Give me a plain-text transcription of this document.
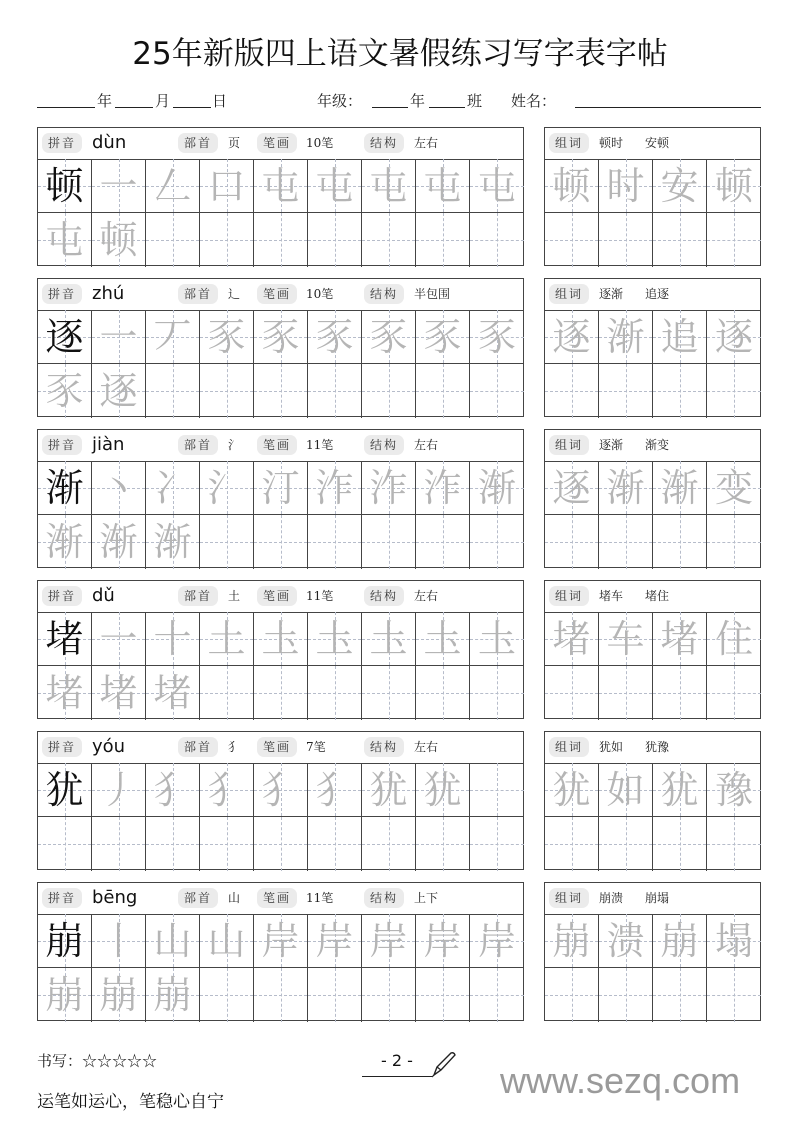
25年新版四上语文暑假练习写字表字帖
年	月	日	年级：	年	班 姓名：
拼音 dùn	部首	页	笔画	10笔	结构	左右
顿 一 𠃋 口 屯 屯 屯 屯 屯
屯 顿
组词	顿时 安顿
顿 时 安 顿
拼音 zhú	部首	辶	笔画	10笔	结构	半包围
逐 一 丆 豕 豕 豕 豕 豕 豕
豕 逐
组词	逐渐 追逐
逐 渐 追 逐
拼音 jiàn	部首	氵	笔画	11笔	结构	左右
渐 丶 冫 氵 汀 泎 泎 泎 渐
渐 渐 渐
组词	逐渐 渐变
逐 渐 渐 变
拼音 dǔ	部首	土	笔画	11笔	结构	左右
堵 一 十 土 圡 圡 圡 圡 圡
堵 堵 堵
组词	堵车 堵住
堵 车 堵 住
拼音 yóu	部首	犭	笔画	7笔	结构	左右
犹 丿 犭 犭 犭 犭 犹 犹
组词	犹如 犹豫
犹 如 犹 豫
拼音 bēng	部首	山	笔画	11笔	结构	上下
崩 丨 山 山 岸 岸 岸 岸 岸
崩 崩 崩
组词	崩溃 崩塌
崩 溃 崩 塌
书写：☆☆☆☆☆	- 2 -	www.sezq.com
运笔如运心，笔稳心自宁
